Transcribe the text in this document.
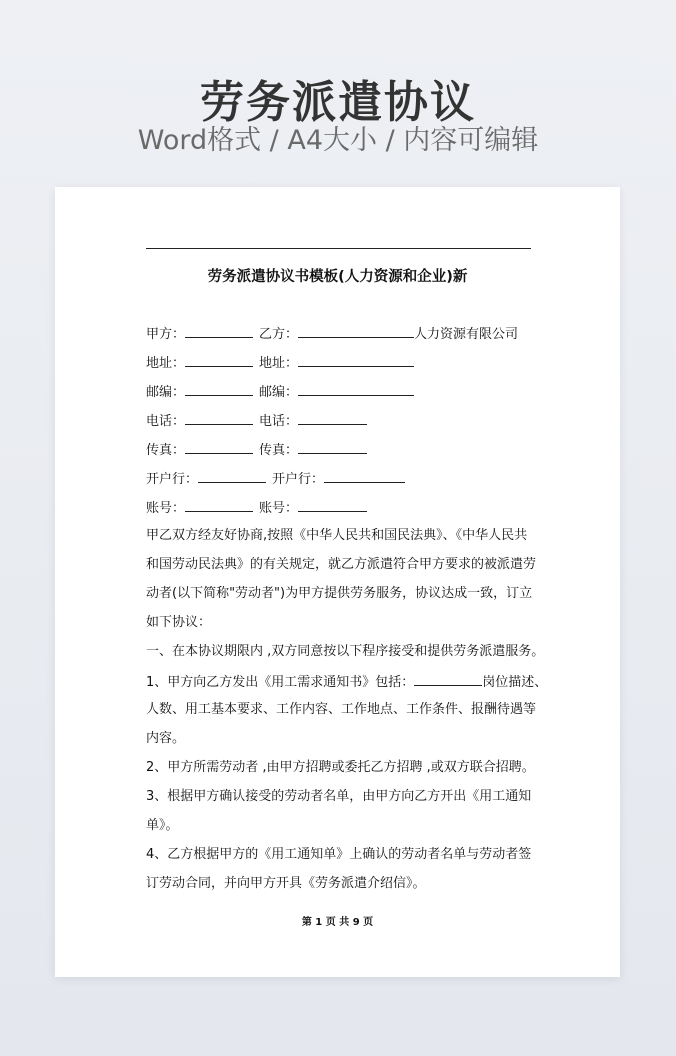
劳务派遣协议
Word格式 / A4大小 / 内容可编辑
劳务派遣协议书模板(人力资源和企业)新
甲方：	乙方：	人力资源有限公司
地址：	地址：
邮编：	邮编：
电话：	电话：
传真：	传真：
开户行：	开户行：
账号：	账号：
甲乙双方经友好协商,按照《中华人民共和国民法典》、《中华人民共
和国劳动民法典》的有关规定，就乙方派遣符合甲方要求的被派遣劳
动者(以下简称"劳动者")为甲方提供劳务服务，协议达成一致，订立
如下协议：
一、在本协议期限内 ,双方同意按以下程序接受和提供劳务派遣服务。
1、甲方向乙方发出《用工需求通知书》包括：	岗位描述、
人数、用工基本要求、工作内容、工作地点、工作条件、报酬待遇等
内容。
2、甲方所需劳动者 ,由甲方招聘或委托乙方招聘 ,或双方联合招聘。
3、根据甲方确认接受的劳动者名单，由甲方向乙方开出《用工通知
单》。
4、乙方根据甲方的《用工通知单》上确认的劳动者名单与劳动者签
订劳动合同，并向甲方开具《劳务派遣介绍信》。
第 1 页 共 9 页
